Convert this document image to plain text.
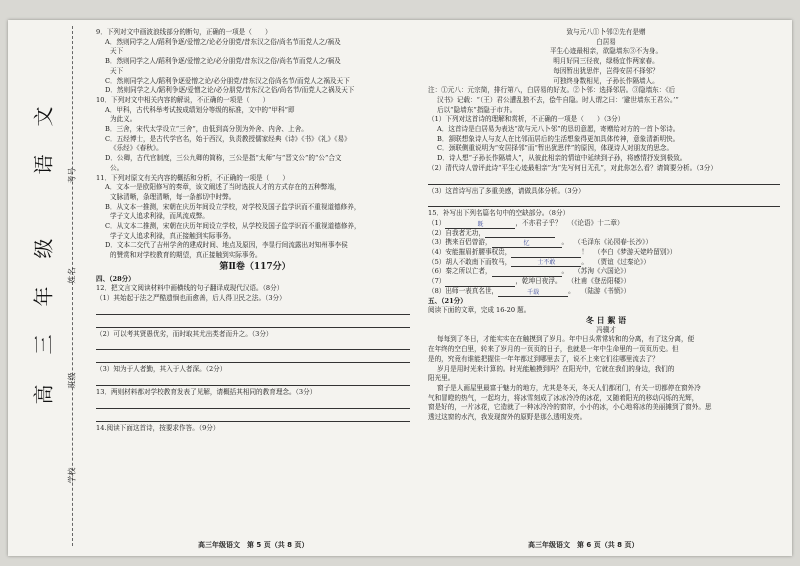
考号
姓名
班级
学校
高
三
年
级
语
文
9．下列对文中画波浪线部分的断句，正确的一项是（　　）
A．然则同学之人/蹈利争逐/爱憎之/论必分朋党/昔东汉之俗/尚名节而党人之/祸及
天下
B．然则同学之人/蹈利争逐/爱憎之论/必分朋党/昔东汉之俗/尚名节而党人之/祸及
天下
C．然则同学之人/蹈利争逐爱憎之论/必分朋党/昔东汉之俗尚名节/而党人之祸及天下
D．然则同学之人/蹈利争逐/爱憎之论/必分朋党/昔东汉之俗/尚名节/而党人之祸及天下
10．下列对文中相关内容的解说，不正确的一项是（　　）
A．甲科，古代科举考试按成绩划分等级的标准，文中的“甲科”即
为此义。
B．三舍，宋代太学设立“三舍”，由低到高分别为外舍、内舍、上舍。
C．五经博士，是古代学官名，始于西汉，负责教授儒家经典《诗》《书》《礼》《易》
《乐经》《春秋》。
D．公卿，古代官制度，三公九卿的简称，三公是指“太师”与“晋文公”的“公”合文
公。
11．下列对原文有关内容的概括和分析，不正确的一项是（　　）
A．文本一是欧阳修写的奏章，该文阐述了当时选拔人才的方式存在的五种弊端，
文脉清晰，条理清晰，每一条都切中时弊。
B．从文本一推测，宋朝在庆历年间设立学校，对学校及国子监学识而不重视道德修养，
学子文人追求利禄，而风流成弊。
C．从文本二推测，宋朝在庆历年间设立学校，从学校及国子监学识而不重视道德修养，
学子文人追求利禄，真正接触到实际事务。
D．文本二交代了吉州学舍的建成时间、地点及原因，李显行间流露出对知州事李侯
的赞赏和对学校教育的期望，真正接触到实际事务。
第Ⅱ卷（117分）
四、（28分）
12．把文言文阅读材料中画横线的句子翻译成现代汉语。（8分）
（1）其始起于法之严酷遗悯也而愈善，后人得卫民之法。（3分）
（2）可以考其贤愚优劣，而时取其尤出类者而升之。（3分）
（3）知为于人者勤，其入于人者深。（2分）
13．两则材料都对学校教育发表了见解，请概括其相同的教育理念。（3分）
14.阅读下面这首诗，按要求作答。（9分）
致与元八①卜邻②先有是赠
白居易
平生心迹最相亲，欲隐墙东③不为身。
明月好同三径夜，绿杨宜作两家春。
每因暂出犹思伴，岂得安居不择邻？
可独终身数相见，子孙长作隔墙人。
注：①元八：元宗简，排行第八，白居易的好友。②卜邻：选择邻居。③隐墙东：《后
汉书》记载：“（王）君公遭乱独不去，侩牛自隐。时人谓之曰：‘避世墙东王君公。’”
后以“隐墙东”指隐于市井。
（1）下列对这首诗的理解和赏析，不正确的一项是（　　）（3分）
A．这首诗是白居易为表达“欲与元八卜邻”的恳切意愿，寄赠给对方的一首卜邻诗。
B．颔联想象诗人与友人在比邻而居后的生活想象得更加具体传神，意象清新明快。
C．颈联侧重说明为“安居择邻”而“暂出犹思伴”的原因，体现诗人对朋友的思念。
D．诗人想“子孙长作隔墙人”，从彼此相亲的情谊中延续到子孙，将感情抒发到极致。
（2）清代诗人曾评此诗“平生心迹最相亲”为“先写何日无孔”，对此你怎么看？请简要分析。（3分）
（3）这首诗写出了多重美感，请做具体分析。（3分）
15．补写出下列名篇名句中的空缺部分。（8分）
（1）	既	，不亦君子乎？ （《论语》十二章）
（2）自我者无功，
（3）携来百侣曾游，	忆	。 （毛泽东《沁园春·长沙》）
（4）安能摧眉折腰事权贵，	！ （李白《梦游天姥吟留别》）
（5）胡人不敢南下而牧马，	士不敢	。 （贾谊《过秦论》）
（6）秦之所以亡者，	。 （苏洵《六国论》）
（7）	，乾坤日夜浮。 （杜甫《登岳阳楼》）
（8）出师一表真名世，	千载	。 （陆游《书愤》）
五、（21分）
阅读下面的文章，完成 16-20 题。
冬 日 絮 语
冯骥才
每每到了冬日，才能实实在在触摸到了岁月。年中日头常常转和的分离，有了这分离，便
在年终的空白里，转来了岁月的一页页的日子，也就是一年中生命里的一页页历史。但
是的，究竟有谁能把握住一年年都过到哪里去了，说不上来它们往哪里流去了？
岁月是用时光来计算的。时光能触摸到吗？在阳光中，它就在我们的身边，我们的
阳光里。
窗子是人画屋里最富于魅力的地方，尤其是冬天，冬天人们都闭门，有关一切都停在窗外冷
气和冒瞪的热气，一起均力，将冰雪刻成了冰冰冷冷的冰花，又随着阳光的移动闪烁的光辉，
窗是好的，一片冰花，它造就了一种冰冷冷的窗帘，小小的冰，小心地将冰的美丽摊到了窗外。思
透过这窗的水汽，我发现窗外的原野是那么透明发亮。
高三年级语文　第 5 页（共 8 页）	高三年级语文　第 6 页（共 8 页）
